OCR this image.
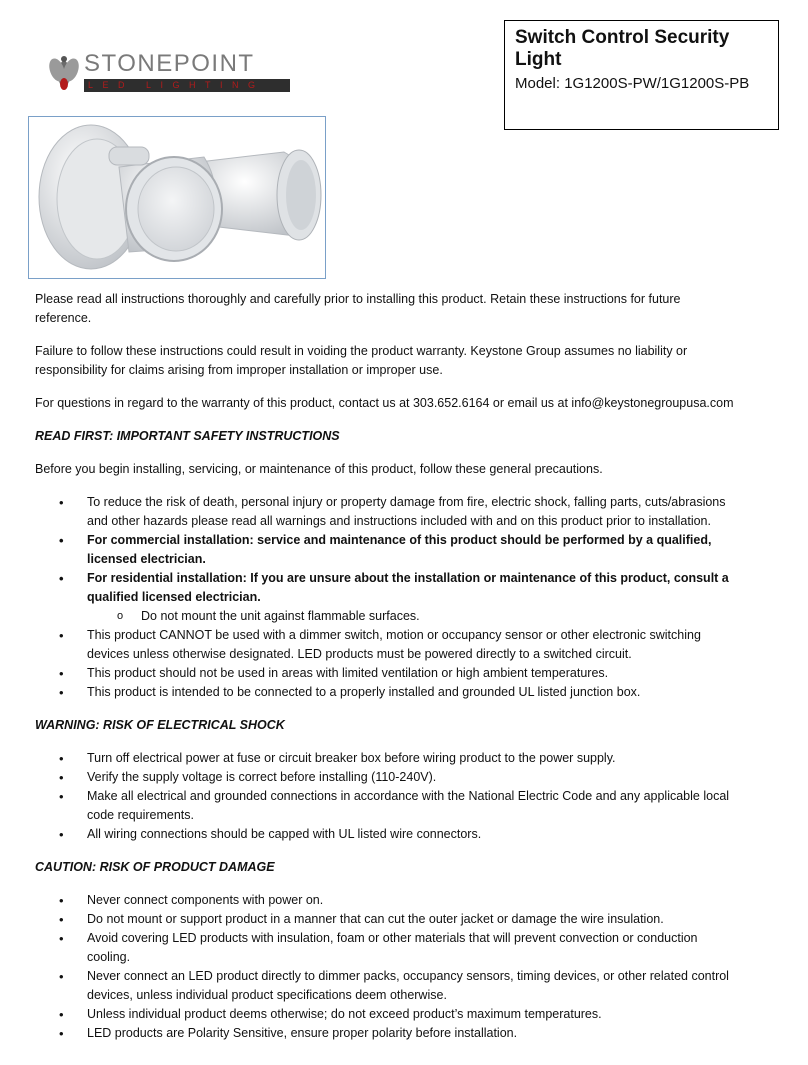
STONEPOINT
LED LIGHTING
Switch Control Security Light
Model: 1G1200S-PW/1G1200S-PB

Please read all instructions thoroughly and carefully prior to installing this product. Retain these instructions for future reference.

Failure to follow these instructions could result in voiding the product warranty. Keystone Group assumes no liability or responsibility for claims arising from improper installation or improper use.

For questions in regard to the warranty of this product, contact us at 303.652.6164 or email us at info@keystonegroupusa.com

READ FIRST: IMPORTANT SAFETY INSTRUCTIONS

Before you begin installing, servicing, or maintenance of this product, follow these general precautions.

• To reduce the risk of death, personal injury or property damage from fire, electric shock, falling parts, cuts/abrasions and other hazards please read all warnings and instructions included with and on this product prior to installation.
• For commercial installation: service and maintenance of this product should be performed by a qualified, licensed electrician.
• For residential installation: If you are unsure about the installation or maintenance of this product, consult a qualified licensed electrician.
o Do not mount the unit against flammable surfaces.
• This product CANNOT be used with a dimmer switch, motion or occupancy sensor or other electronic switching devices unless otherwise designated. LED products must be powered directly to a switched circuit.
• This product should not be used in areas with limited ventilation or high ambient temperatures.
• This product is intended to be connected to a properly installed and grounded UL listed junction box.
WARNING: RISK OF ELECTRICAL SHOCK
• Turn off electrical power at fuse or circuit breaker box before wiring product to the power supply.
• Verify the supply voltage is correct before installing (110-240V).
• Make all electrical and grounded connections in accordance with the National Electric Code and any applicable local code requirements.
• All wiring connections should be capped with UL listed wire connectors.
CAUTION: RISK OF PRODUCT DAMAGE
• Never connect components with power on.
• Do not mount or support product in a manner that can cut the outer jacket or damage the wire insulation.
• Avoid covering LED products with insulation, foam or other materials that will prevent convection or conduction cooling.
• Never connect an LED product directly to dimmer packs, occupancy sensors, timing devices, or other related control devices, unless individual product specifications deem otherwise.
• Unless individual product deems otherwise; do not exceed product’s maximum temperatures.
• LED products are Polarity Sensitive, ensure proper polarity before installation.
